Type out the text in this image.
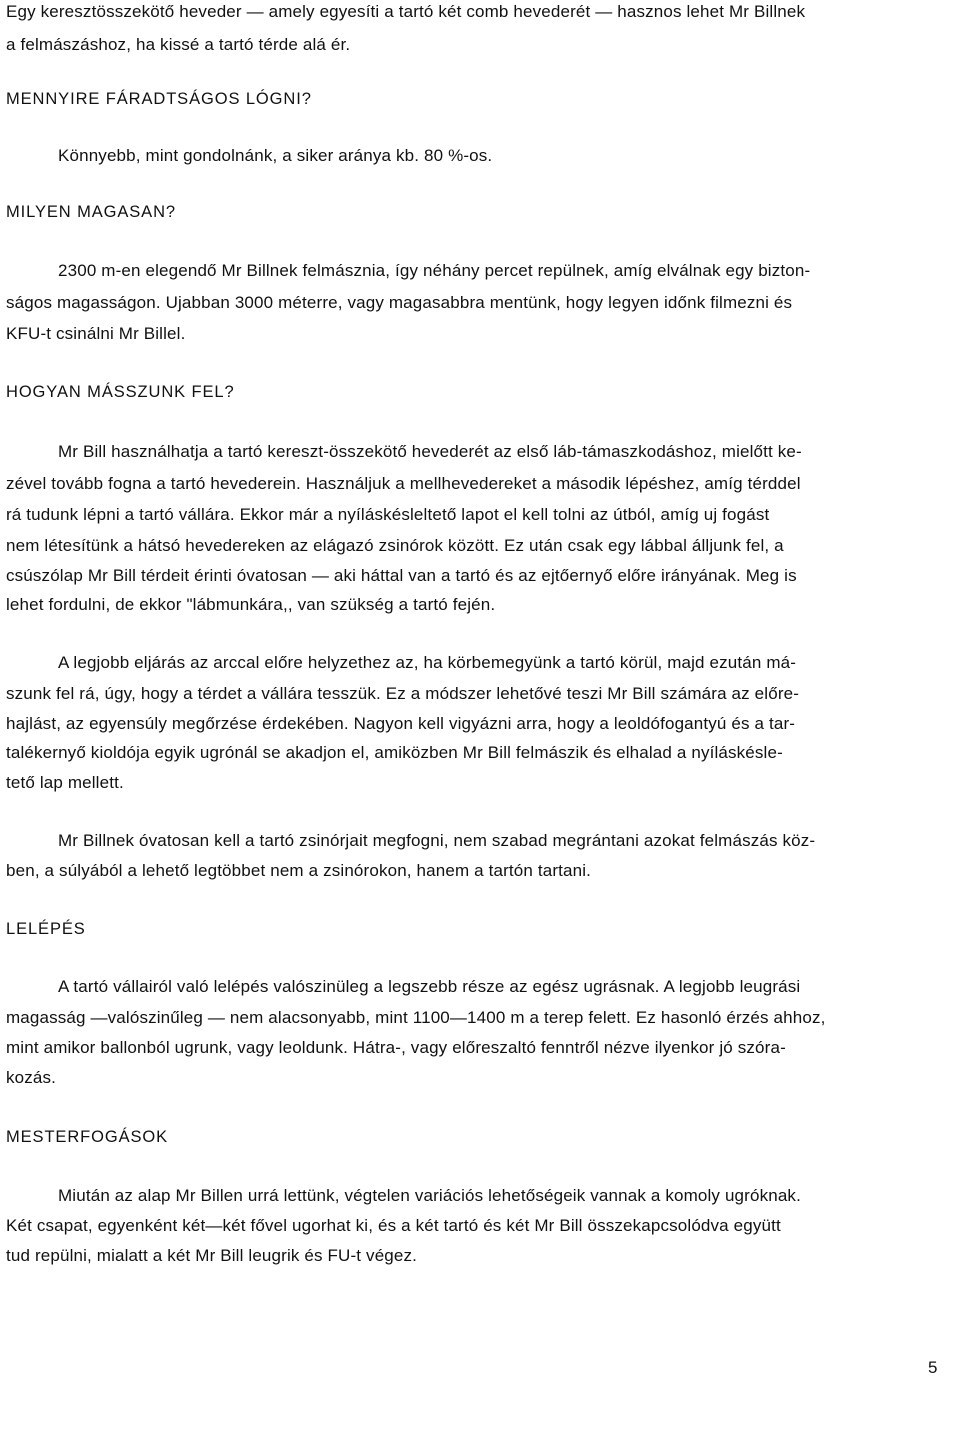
Egy keresztösszekötő heveder — amely egyesíti a tartó két comb hevederét — hasznos lehet Mr Billnek
a felmászáshoz, ha kissé a tartó térde alá ér.
MENNYIRE FÁRADTSÁGOS LÓGNI?
Könnyebb, mint gondolnánk, a siker aránya kb. 80 %-os.
MILYEN MAGASAN?
2300 m-en elegendő Mr Billnek felmásznia, így néhány percet repülnek, amíg elválnak egy bizton-
ságos magasságon. Ujabban 3000 méterre, vagy magasabbra mentünk, hogy legyen időnk filmezni és
KFU-t csinálni Mr Billel.
HOGYAN MÁSSZUNK FEL?
Mr Bill használhatja a tartó kereszt-összekötő hevederét az első láb-támaszkodáshoz, mielőtt ke-
zével tovább fogna a tartó hevederein. Használjuk a mellhevedereket a második lépéshez, amíg térddel
rá tudunk lépni a tartó vállára. Ekkor már a nyíláskésleltető lapot el kell tolni az útból, amíg uj fogást
nem létesítünk a hátsó hevedereken az elágazó zsinórok között. Ez után csak egy lábbal álljunk fel, a
csúszólap Mr Bill térdeit érinti óvatosan — aki háttal van a tartó és az ejtőernyő előre irányának. Meg is
lehet fordulni, de ekkor "lábmunkára,, van szükség a tartó fején.
A legjobb eljárás az arccal előre helyzethez az, ha körbemegyünk a tartó körül, majd ezután má-
szunk fel rá, úgy, hogy a térdet a vállára tesszük. Ez a módszer lehetővé teszi Mr Bill számára az előre-
hajlást, az egyensúly megőrzése érdekében. Nagyon kell vigyázni arra, hogy a leoldófogantyú és a tar-
talékernyő kioldója egyik ugrónál se akadjon el, amiközben Mr Bill felmászik és elhalad a nyíláskésle-
tető lap mellett.
Mr Billnek óvatosan kell a tartó zsinórjait megfogni, nem szabad megrántani azokat felmászás köz-
ben, a súlyából a lehető legtöbbet nem a zsinórokon, hanem a tartón tartani.
LELÉPÉS
A tartó vállairól való lelépés valószinüleg a legszebb része az egész ugrásnak. A legjobb leugrási
magasság —valószinűleg — nem alacsonyabb, mint 1100—1400 m a terep felett. Ez hasonló érzés ahhoz,
mint amikor ballonból ugrunk, vagy leoldunk. Hátra-, vagy előreszaltó fenntről nézve ilyenkor jó szóra-
kozás.
MESTERFOGÁSOK
Miután az alap Mr Billen urrá lettünk, végtelen variációs lehetőségeik vannak a komoly ugróknak.
Két csapat, egyenként két—két fővel ugorhat ki, és a két tartó és két Mr Bill összekapcsolódva együtt
tud repülni, mialatt a két Mr Bill leugrik és FU-t végez.
5
